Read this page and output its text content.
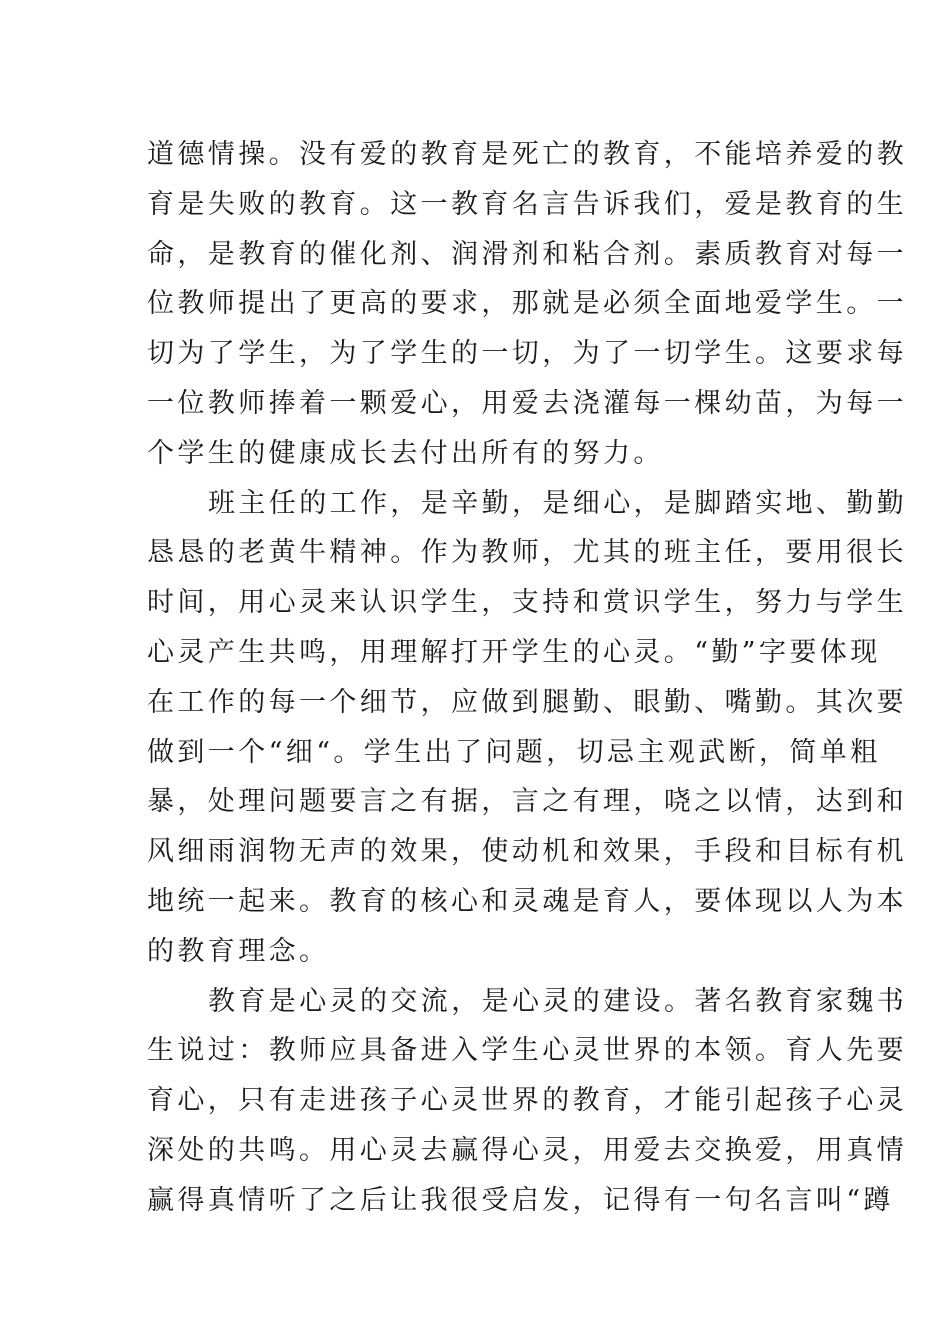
道德情操。没有爱的教育是死亡的教育，不能培养爱的教
育是失败的教育。这一教育名言告诉我们，爱是教育的生
命，是教育的催化剂、润滑剂和粘合剂。素质教育对每一
位教师提出了更高的要求，那就是必须全面地爱学生。一
切为了学生，为了学生的一切，为了一切学生。这要求每
一位教师捧着一颗爱心，用爱去浇灌每一棵幼苗，为每一
个学生的健康成长去付出所有的努力。
班主任的工作，是辛勤，是细心，是脚踏实地、勤勤
恳恳的老黄牛精神。作为教师，尤其的班主任，要用很长
时间，用心灵来认识学生，支持和赏识学生，努力与学生
心灵产生共鸣，用理解打开学生的心灵。“勤”字要体现
在工作的每一个细节，应做到腿勤、眼勤、嘴勤。其次要
做到一个“细“。学生出了问题，切忌主观武断，简单粗
暴，处理问题要言之有据，言之有理，哓之以情，达到和
风细雨润物无声的效果，使动机和效果，手段和目标有机
地统一起来。教育的核心和灵魂是育人，要体现以人为本
的教育理念。
教育是心灵的交流，是心灵的建设。著名教育家魏书
生说过：教师应具备进入学生心灵世界的本领。育人先要
育心，只有走进孩子心灵世界的教育，才能引起孩子心灵
深处的共鸣。用心灵去赢得心灵，用爱去交换爱，用真情
赢得真情听了之后让我很受启发，记得有一句名言叫“蹲
